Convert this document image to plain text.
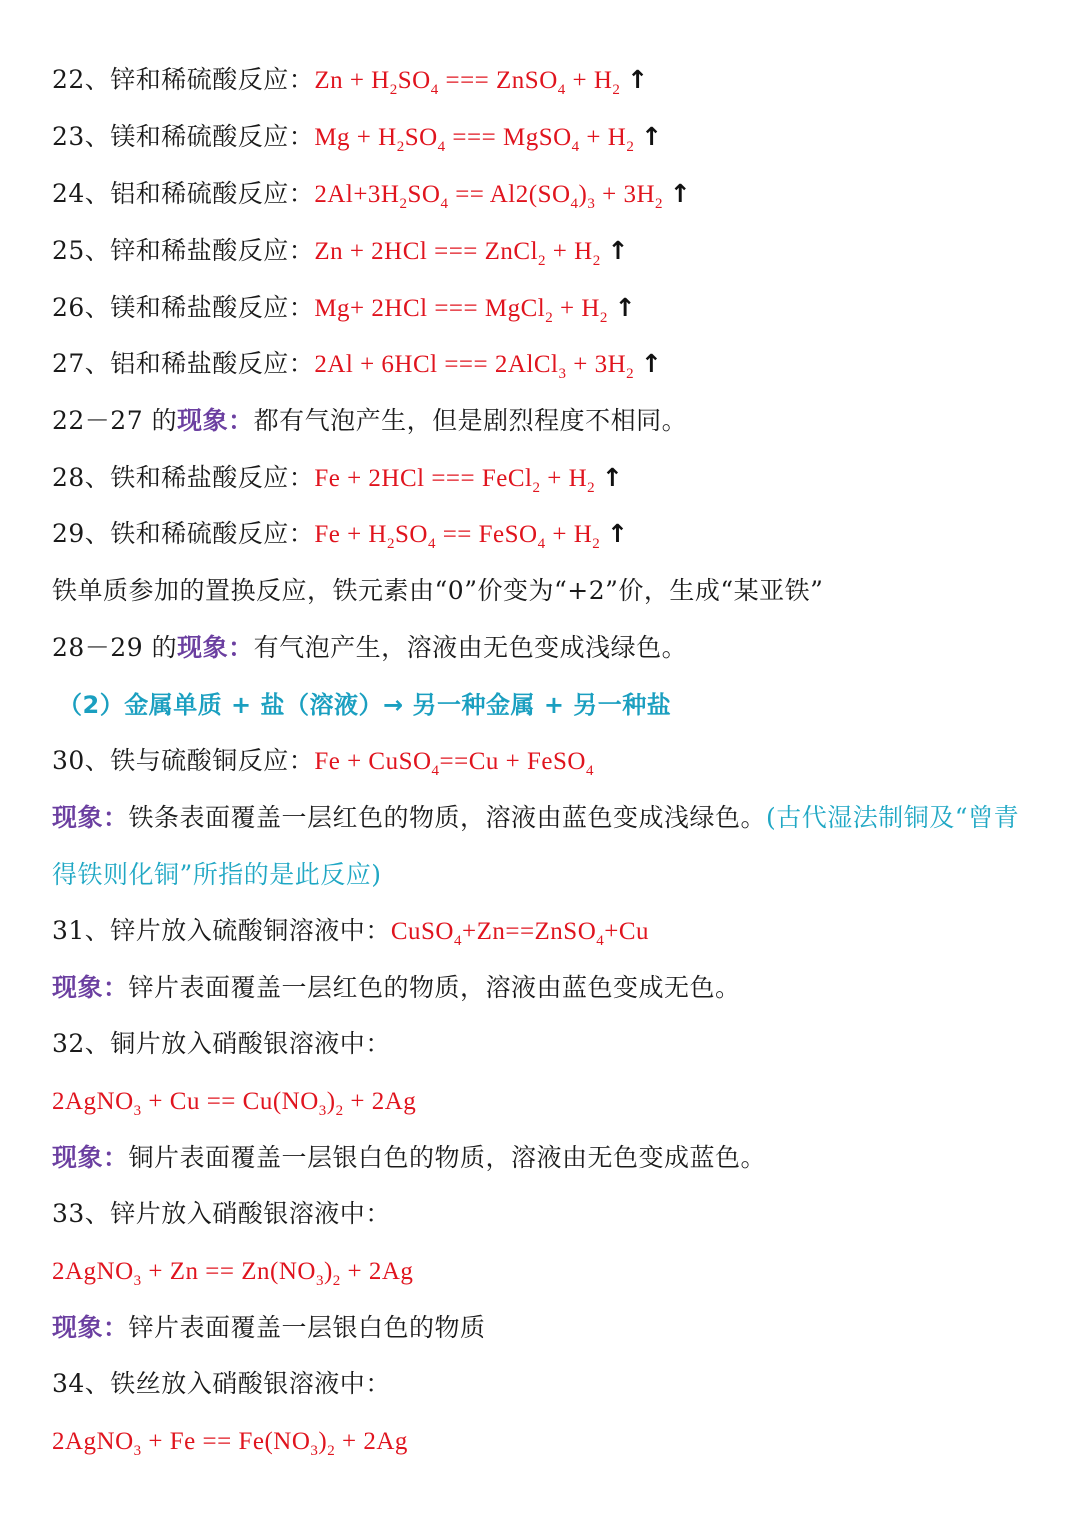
22、锌和稀硫酸反应：$Zn + H_2SO_4$ === ZnSO$_4$ + $H_2$ ↑
23、镁和稀硫酸反应：$Mg + H_2SO_4$ === MgSO$_4$ + $H_2$ ↑
24、铝和稀硫酸反应：$2Al+3H_2SO_4 == Al2(SO_4)_3 + 3H_2$ ↑
25、锌和稀盐酸反应：Zn + 2HCl === ZnCl$_2$ + $H_2$ ↑
26、镁和稀盐酸反应：Mg+ 2HCl === MgCl$_2$ + $H_2$ ↑
27、铝和稀盐酸反应：2Al + 6HCl === 2AlCl$_3$ + $3H_2$ ↑
22－27 的现象：都有气泡产生，但是剧烈程度不相同。
28、铁和稀盐酸反应：Fe + 2HCl === FeCl$_2$ + $H_2$ ↑
29、铁和稀硫酸反应：$Fe + H_2SO_4$ == FeSO$_4$ + $H_2$ ↑
铁单质参加的置换反应，铁元素由“0”价变为“+2”价，生成“某亚铁”
28－29 的现象：有气泡产生，溶液由无色变成浅绿色。
（2）金属单质 + 盐（溶液）→ 另一种金属 + 另一种盐
30、铁与硫酸铜反应：Fe + CuSO$_4$==Cu + FeSO$_4$
现象：铁条表面覆盖一层红色的物质，溶液由蓝色变成浅绿色。(古代湿法制铜及“曾青
得铁则化铜”所指的是此反应)
31、锌片放入硫酸铜溶液中：CuSO$_4$+Zn==ZnSO$_4$+Cu
现象：锌片表面覆盖一层红色的物质，溶液由蓝色变成无色。
32、铜片放入硝酸银溶液中：
2AgNO$_3$ + $Cu == Cu(NO_3)_2 + 2Ag$
现象：铜片表面覆盖一层银白色的物质，溶液由无色变成蓝色。
33、锌片放入硝酸银溶液中：
2AgNO$_3$ + $Zn == Zn(NO_3)_2 + 2Ag$
现象：锌片表面覆盖一层银白色的物质
34、铁丝放入硝酸银溶液中：
2AgNO$_3$ + $Fe == Fe(NO_3)_2 + 2Ag$
